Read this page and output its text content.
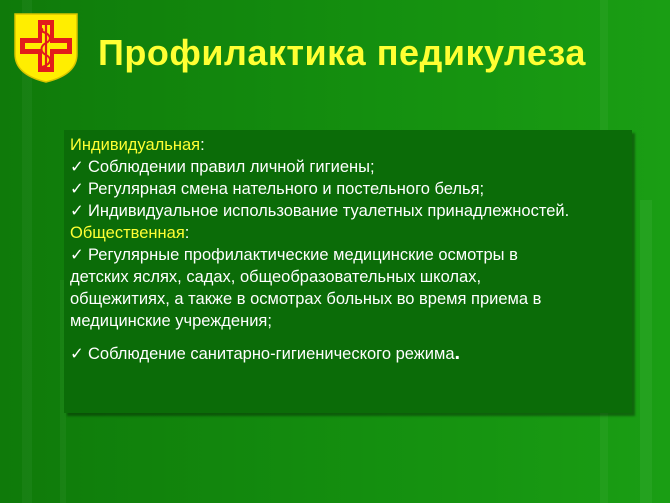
Профилактика педикулеза
Индивидуальная:
✓ Соблюдении правил личной гигиены;
✓ Регулярная смена нательного и постельного белья;
✓ Индивидуальное использование туалетных принадлежностей.
Общественная:
✓ Регулярные профилактические медицинские осмотры в
детских яслях, садах, общеобразовательных школах,
общежитиях, а также в осмотрах больных во время приема в
медицинские учреждения;
✓ Соблюдение санитарно-гигиенического режима.
